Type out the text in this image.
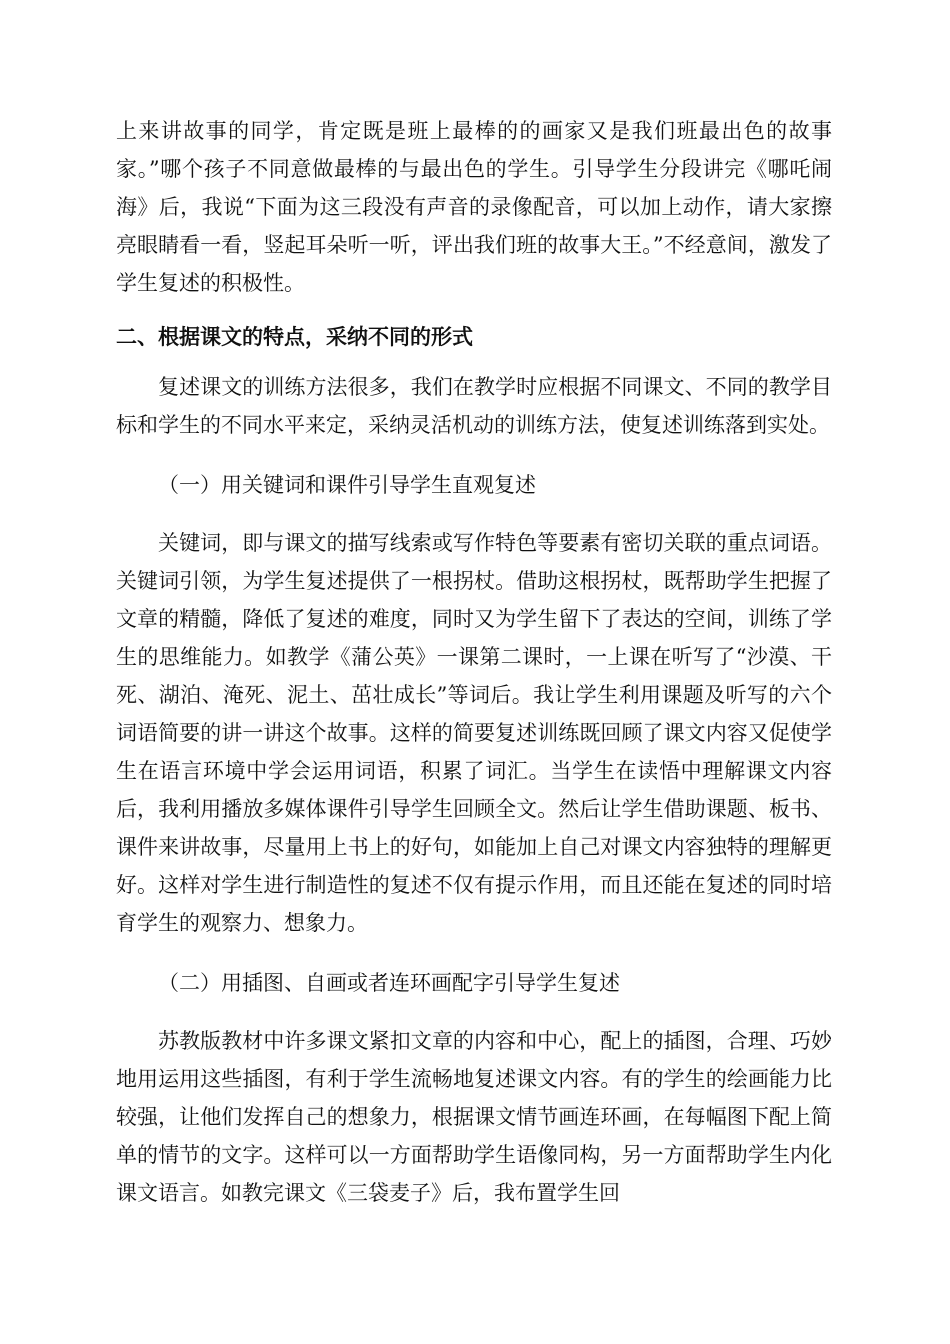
上来讲故事的同学，肯定既是班上最棒的的画家又是我们班最出色的故事家。”哪个孩子不同意做最棒的与最出色的学生。引导学生分段讲完《哪吒闹海》后，我说“下面为这三段没有声音的录像配音，可以加上动作，请大家擦亮眼睛看一看，竖起耳朵听一听，评出我们班的故事大王。”不经意间，激发了学生复述的积极性。

二、根据课文的特点，采纳不同的形式

复述课文的训练方法很多，我们在教学时应根据不同课文、不同的教学目标和学生的不同水平来定，采纳灵活机动的训练方法，使复述训练落到实处。

（一）用关键词和课件引导学生直观复述

关键词，即与课文的描写线索或写作特色等要素有密切关联的重点词语。关键词引领，为学生复述提供了一根拐杖。借助这根拐杖，既帮助学生把握了文章的精髓，降低了复述的难度，同时又为学生留下了表达的空间，训练了学生的思维能力。如教学《蒲公英》一课第二课时，一上课在听写了“沙漠、干死、湖泊、淹死、泥土、茁壮成长”等词后。我让学生利用课题及听写的六个词语简要的讲一讲这个故事。这样的简要复述训练既回顾了课文内容又促使学生在语言环境中学会运用词语，积累了词汇。当学生在读悟中理解课文内容后，我利用播放多媒体课件引导学生回顾全文。然后让学生借助课题、板书、课件来讲故事，尽量用上书上的好句，如能加上自己对课文内容独特的理解更好。这样对学生进行制造性的复述不仅有提示作用，而且还能在复述的同时培育学生的观察力、想象力。

（二）用插图、自画或者连环画配字引导学生复述

苏教版教材中许多课文紧扣文章的内容和中心，配上的插图，合理、巧妙地用运用这些插图，有利于学生流畅地复述课文内容。有的学生的绘画能力比较强，让他们发挥自己的想象力，根据课文情节画连环画，在每幅图下配上简单的情节的文字。这样可以一方面帮助学生语像同构，另一方面帮助学生内化课文语言。如教完课文《三袋麦子》后，我布置学生回
